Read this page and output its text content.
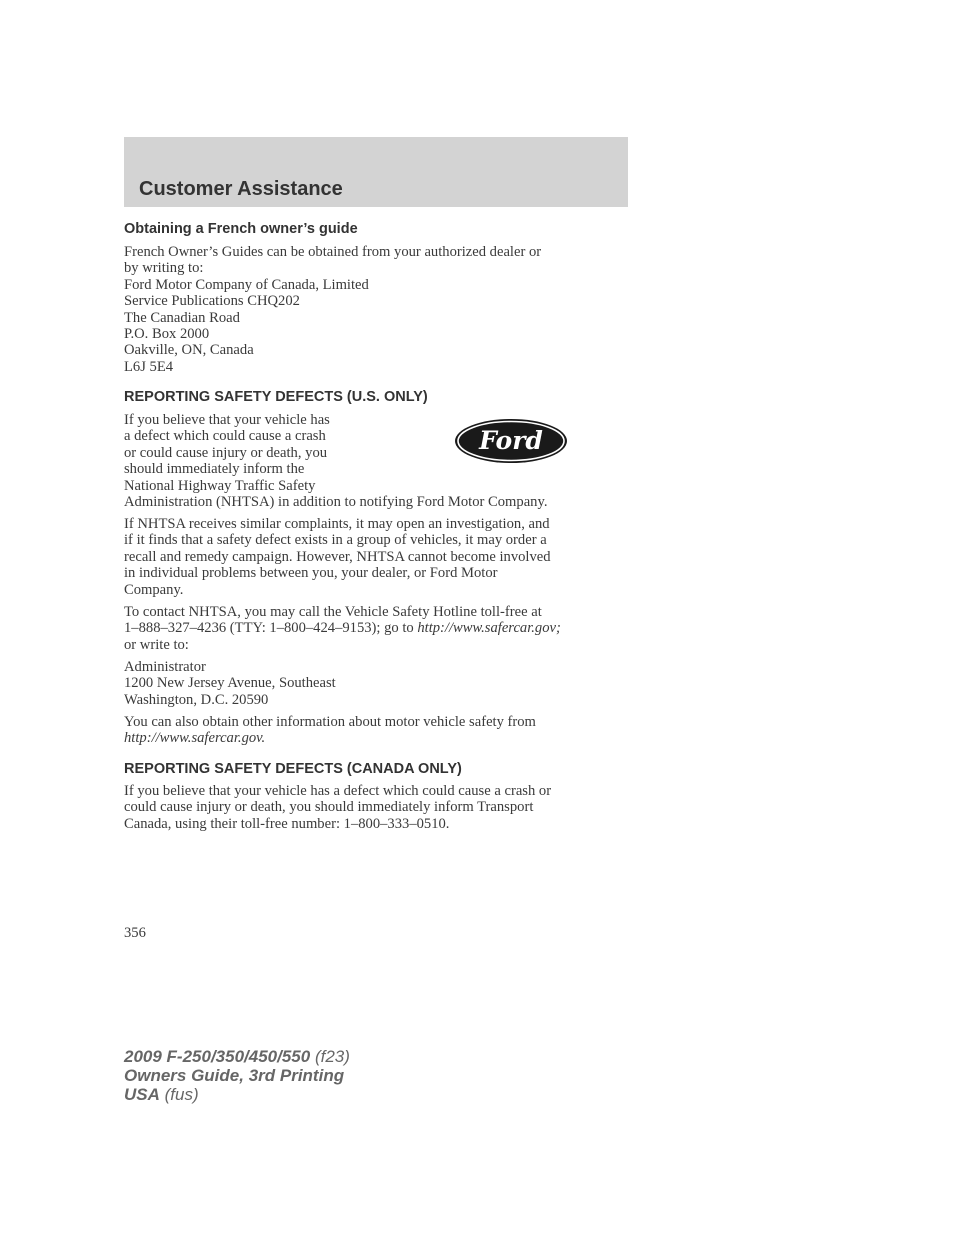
Customer Assistance
Obtaining a French owner’s guide
French Owner’s Guides can be obtained from your authorized dealer or
by writing to:
Ford Motor Company of Canada, Limited
Service Publications CHQ202
The Canadian Road
P.O. Box 2000
Oakville, ON, Canada
L6J 5E4
REPORTING SAFETY DEFECTS (U.S. ONLY)
If you believe that your vehicle has
a defect which could cause a crash
or could cause injury or death, you
should immediately inform the
National Highway Traffic Safety
Administration (NHTSA) in addition to notifying Ford Motor Company.
Ford
If NHTSA receives similar complaints, it may open an investigation, and
if it finds that a safety defect exists in a group of vehicles, it may order a
recall and remedy campaign. However, NHTSA cannot become involved
in individual problems between you, your dealer, or Ford Motor
Company.
To contact NHTSA, you may call the Vehicle Safety Hotline toll-free at
1–888–327–4236 (TTY: 1–800–424–9153); go to http://www.safercar.gov;
or write to:
Administrator
1200 New Jersey Avenue, Southeast
Washington, D.C. 20590
You can also obtain other information about motor vehicle safety from
http://www.safercar.gov.
REPORTING SAFETY DEFECTS (CANADA ONLY)
If you believe that your vehicle has a defect which could cause a crash or
could cause injury or death, you should immediately inform Transport
Canada, using their toll-free number: 1–800–333–0510.
356
2009 F-250/350/450/550 (f23)
Owners Guide, 3rd Printing
USA (fus)
